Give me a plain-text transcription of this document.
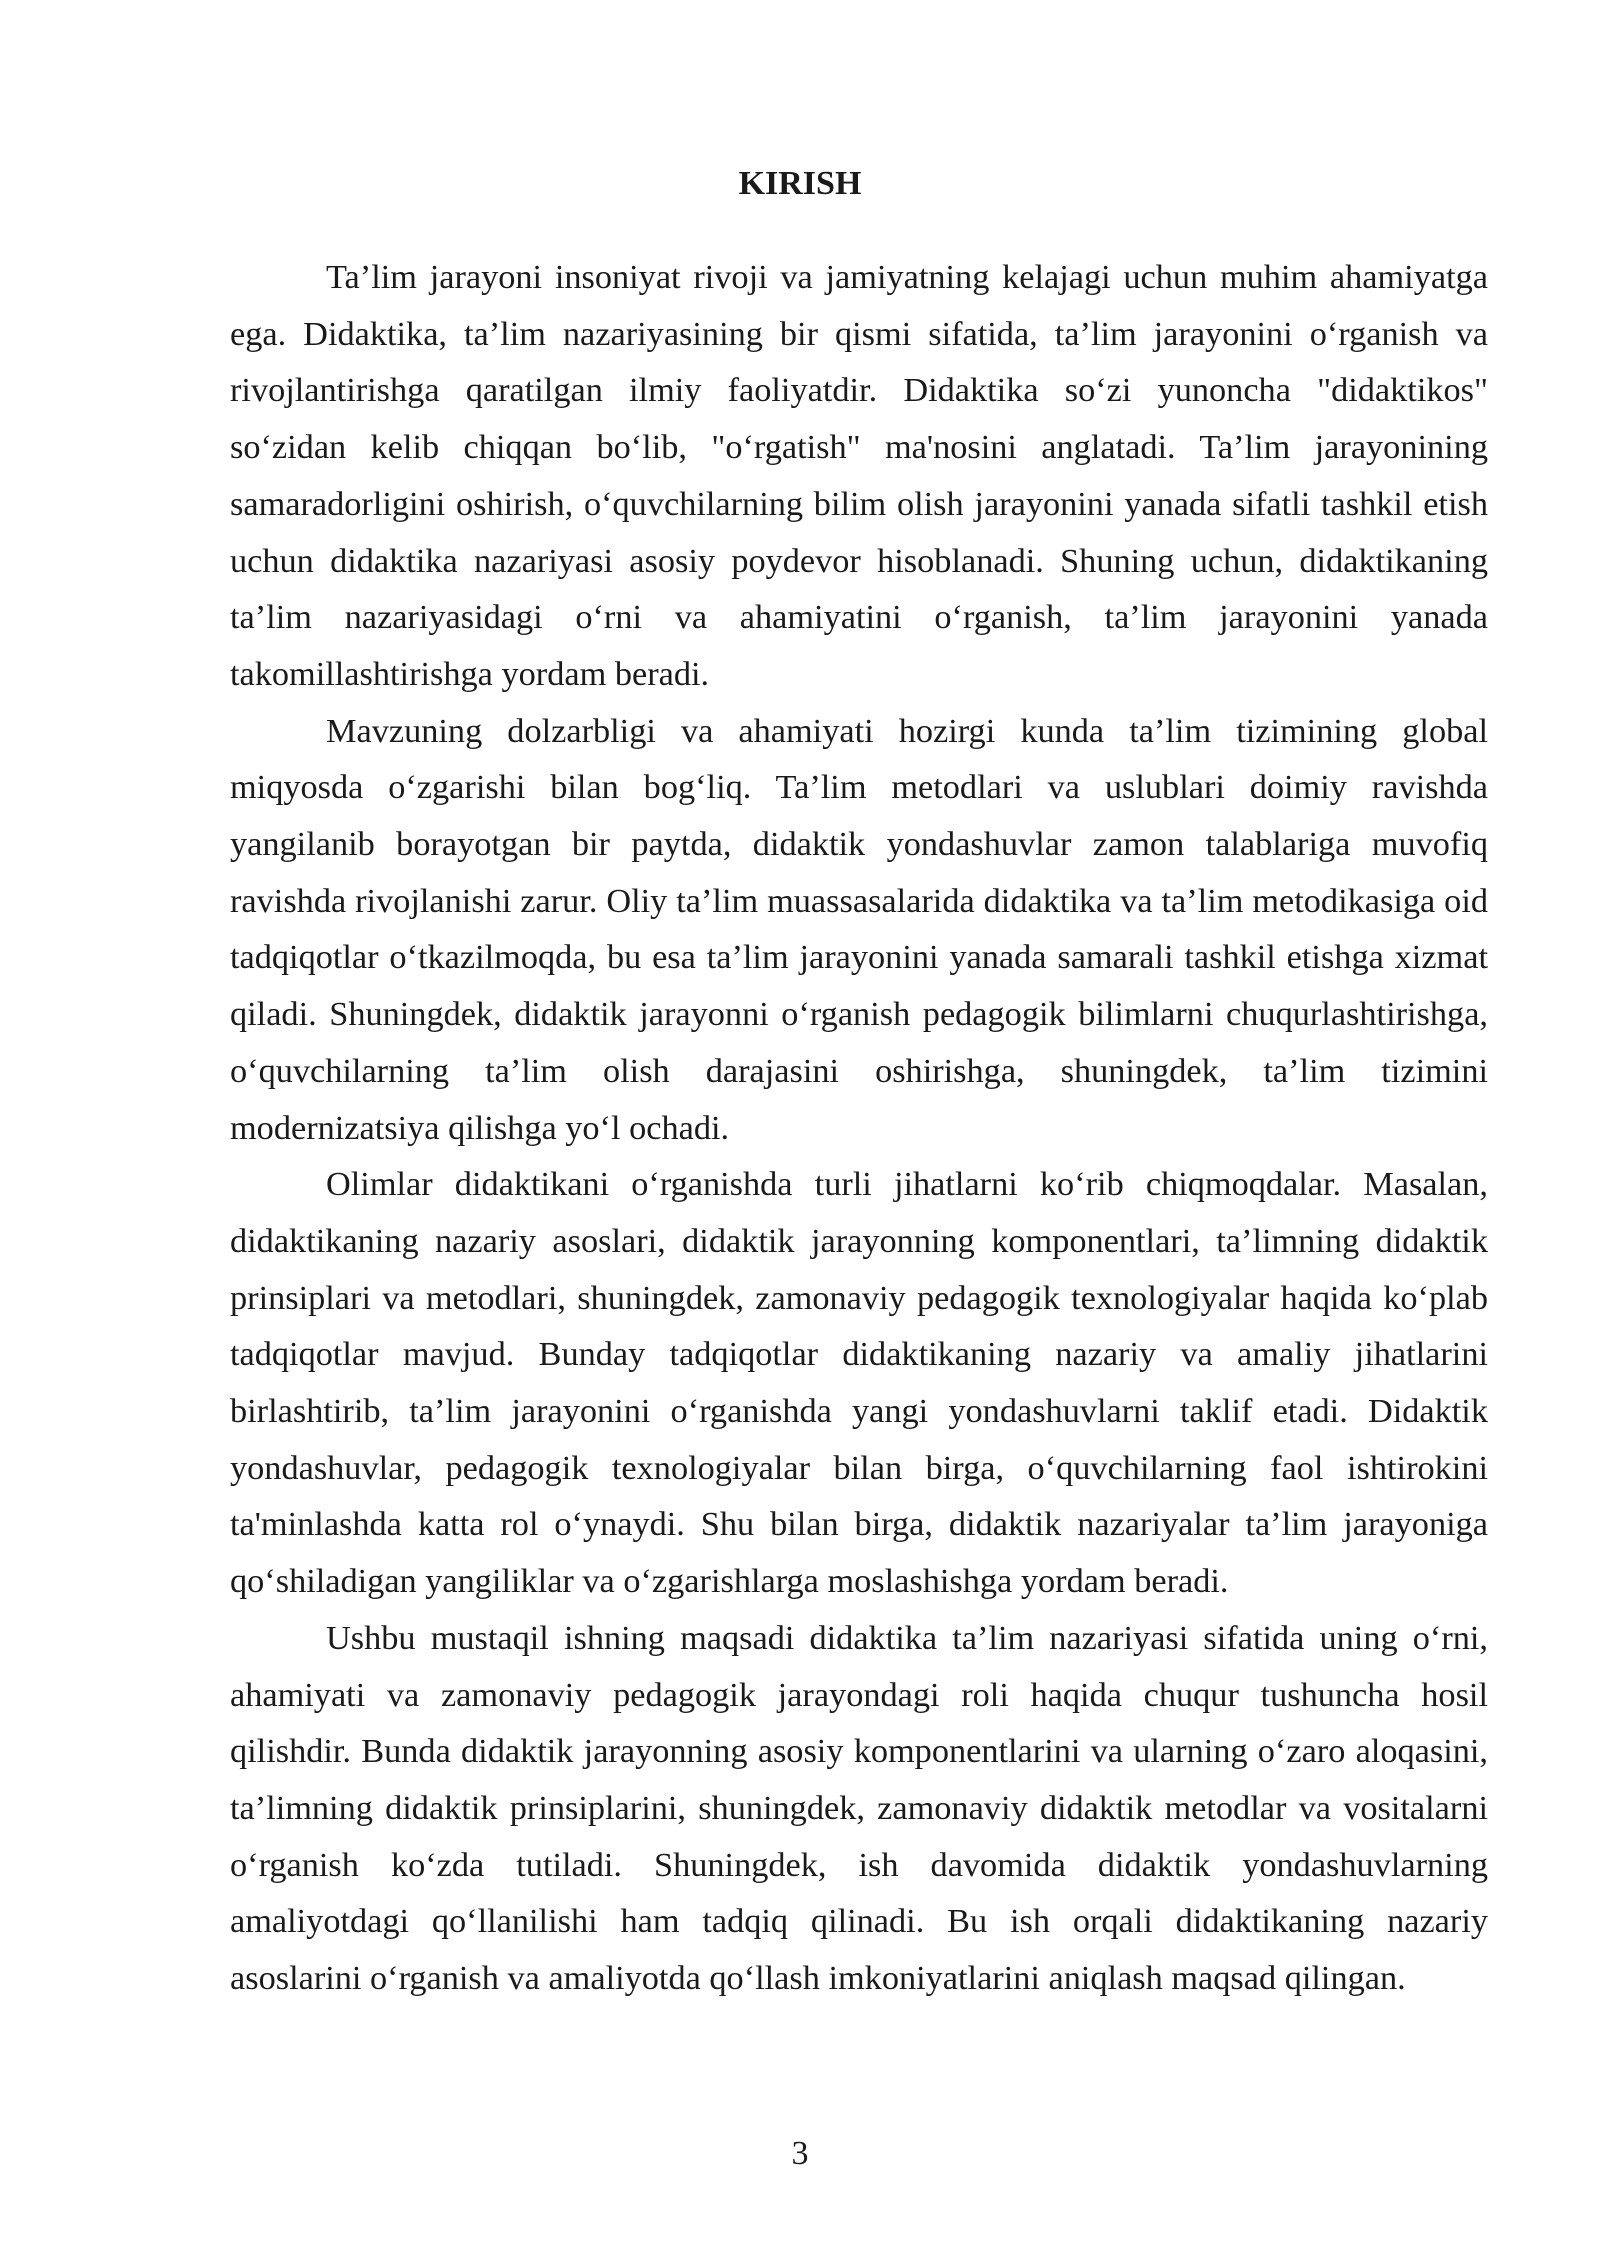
KIRISH

Ta’lim jarayoni insoniyat rivoji va jamiyatning kelajagi uchun muhim ahamiyatga ega. Didaktika, ta’lim nazariyasining bir qismi sifatida, ta’lim jarayonini o‘rganish va rivojlantirishga qaratilgan ilmiy faoliyatdir. Didaktika so‘zi yunoncha "didaktikos" so‘zidan kelib chiqqan bo‘lib, "o‘rgatish" ma'nosini anglatadi. Ta’lim jarayonining samaradorligini oshirish, o‘quvchilarning bilim olish jarayonini yanada sifatli tashkil etish uchun didaktika nazariyasi asosiy poydevor hisoblanadi. Shuning uchun, didaktikaning ta’lim nazariyasidagi o‘rni va ahamiyatini o‘rganish, ta’lim jarayonini yanada takomillashtirishga yordam beradi.

Mavzuning dolzarbligi va ahamiyati hozirgi kunda ta’lim tizimining global miqyosda o‘zgarishi bilan bog‘liq. Ta’lim metodlari va uslublari doimiy ravishda yangilanib borayotgan bir paytda, didaktik yondashuvlar zamon talablariga muvofiq ravishda rivojlanishi zarur. Oliy ta’lim muassasalarida didaktika va ta’lim metodikasiga oid tadqiqotlar o‘tkazilmoqda, bu esa ta’lim jarayonini yanada samarali tashkil etishga xizmat qiladi. Shuningdek, didaktik jarayonni o‘rganish pedagogik bilimlarni chuqurlashtirishga, o‘quvchilarning ta’lim olish darajasini oshirishga, shuningdek, ta’lim tizimini modernizatsiya qilishga yo‘l ochadi.

Olimlar didaktikani o‘rganishda turli jihatlarni ko‘rib chiqmoqdalar. Masalan, didaktikaning nazariy asoslari, didaktik jarayonning komponentlari, ta’limning didaktik prinsiplari va metodlari, shuningdek, zamonaviy pedagogik texnologiyalar haqida ko‘plab tadqiqotlar mavjud. Bunday tadqiqotlar didaktikaning nazariy va amaliy jihatlarini birlashtirib, ta’lim jarayonini o‘rganishda yangi yondashuvlarni taklif etadi. Didaktik yondashuvlar, pedagogik texnologiyalar bilan birga, o‘quvchilarning faol ishtirokini ta'minlashda katta rol o‘ynaydi. Shu bilan birga, didaktik nazariyalar ta’lim jarayoniga qo‘shiladigan yangiliklar va o‘zgarishlarga moslashishga yordam beradi.

Ushbu mustaqil ishning maqsadi didaktika ta’lim nazariyasi sifatida uning o‘rni, ahamiyati va zamonaviy pedagogik jarayondagi roli haqida chuqur tushuncha hosil qilishdir. Bunda didaktik jarayonning asosiy komponentlarini va ularning o‘zaro aloqasini, ta’limning didaktik prinsiplarini, shuningdek, zamonaviy didaktik metodlar va vositalarni o‘rganish ko‘zda tutiladi. Shuningdek, ish davomida didaktik yondashuvlarning amaliyotdagi qo‘llanilishi ham tadqiq qilinadi. Bu ish orqali didaktikaning nazariy asoslarini o‘rganish va amaliyotda qo‘llash imkoniyatlarini aniqlash maqsad qilingan.

3
